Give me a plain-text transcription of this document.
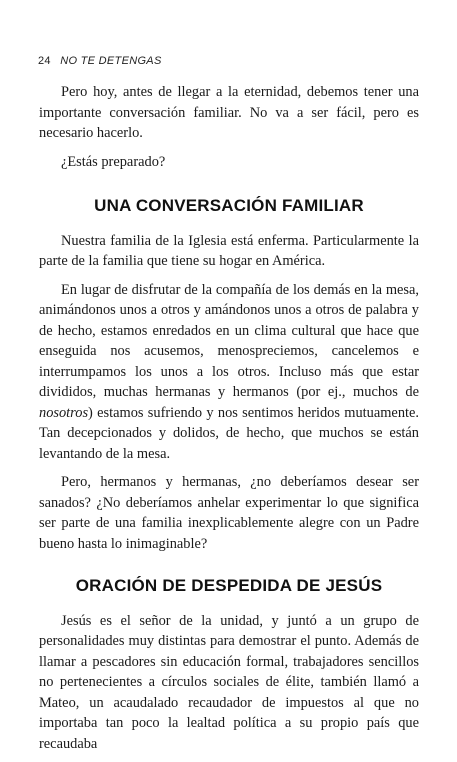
24 NO TE DETENGAS

Pero hoy, antes de llegar a la eternidad, debemos tener una importante conversación familiar. No va a ser fácil, pero es necesario hacerlo.

¿Estás preparado?

UNA CONVERSACIÓN FAMILIAR

Nuestra familia de la Iglesia está enferma. Particularmente la parte de la familia que tiene su hogar en América.

En lugar de disfrutar de la compañía de los demás en la mesa, animándonos unos a otros y amándonos unos a otros de palabra y de hecho, estamos enredados en un clima cultural que hace que enseguida nos acusemos, menospreciemos, cancelemos e interrumpamos los unos a los otros. Incluso más que estar divididos, muchas hermanas y hermanos (por ej., muchos de nosotros) estamos sufriendo y nos sentimos heridos mutuamente. Tan decepcionados y dolidos, de hecho, que muchos se están levantando de la mesa.

Pero, hermanos y hermanas, ¿no deberíamos desear ser sanados? ¿No deberíamos anhelar experimentar lo que significa ser parte de una familia inexplicablemente alegre con un Padre bueno hasta lo inimaginable?

ORACIÓN DE DESPEDIDA DE JESÚS

Jesús es el señor de la unidad, y juntó a un grupo de personalidades muy distintas para demostrar el punto. Además de llamar a pescadores sin educación formal, trabajadores sencillos no pertenecientes a círculos sociales de élite, también llamó a Mateo, un acaudalado recaudador de impuestos al que no importaba tan poco la lealtad política a su propio país que recaudaba
